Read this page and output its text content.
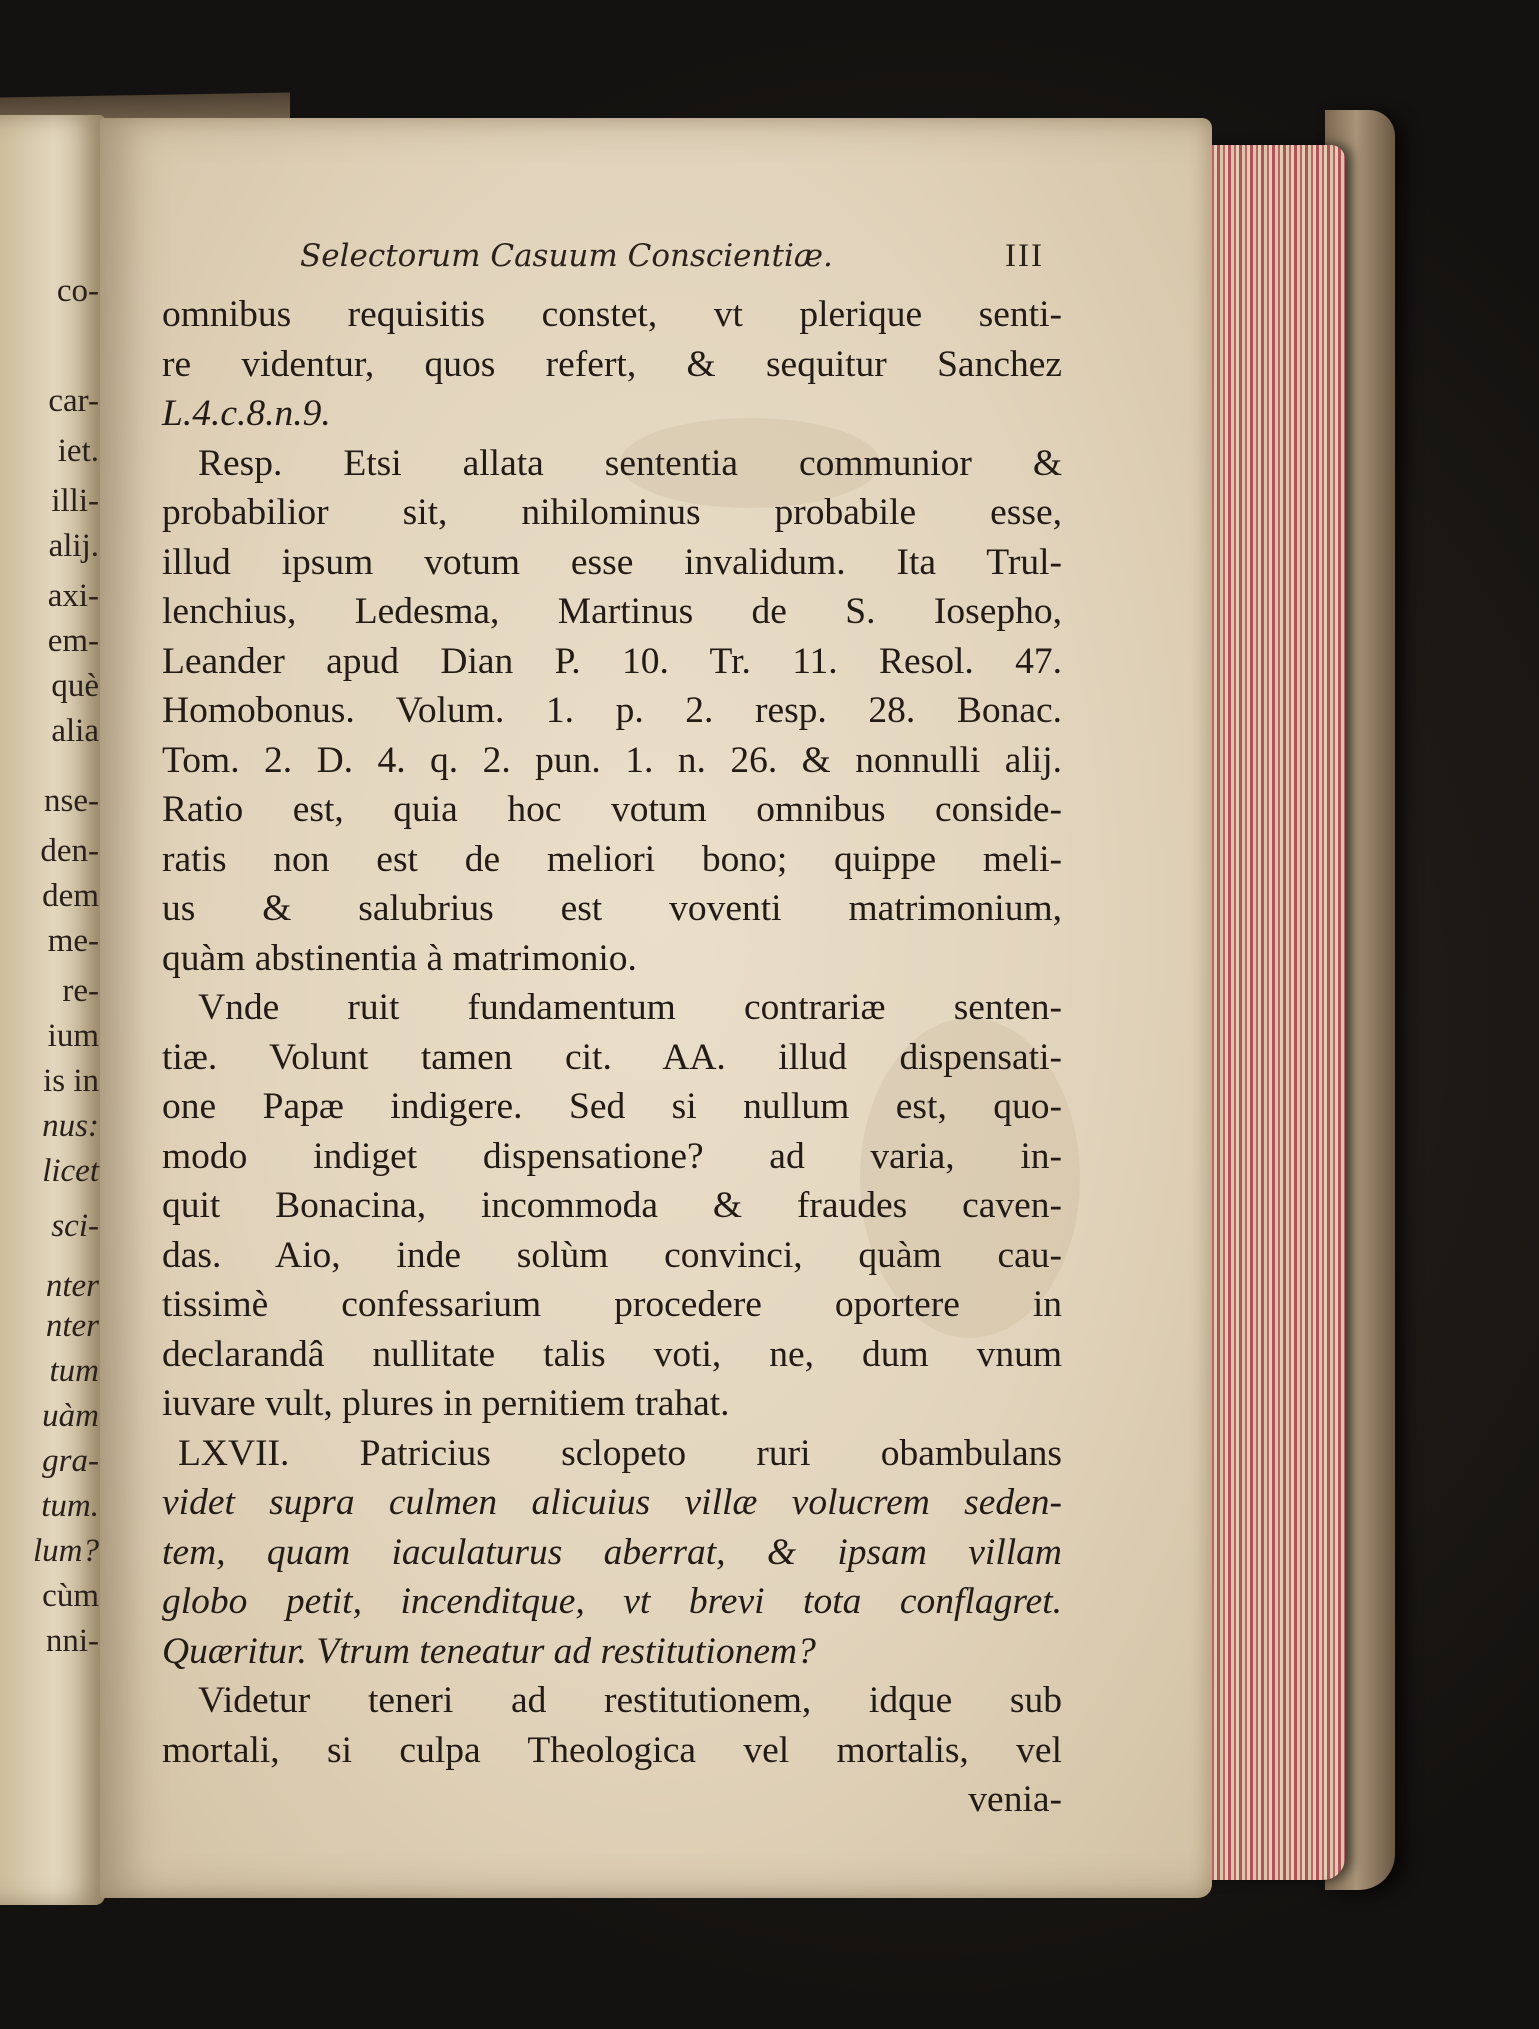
co-
car-
iet.
illi-
alij.
axi-
em-
què
alia
nse-
den-
dem
me-
re-
ium
is in
nus:
licet
sci-
nter
nter
tum
uàm
gra-
tum.
lum?
cùm
nni-
Selectorum Casuum Conscientiæ.	III
omnibus requisitis constet, vt plerique senti-
re videntur, quos refert, & sequitur Sanchez
L.4.c.8.n.9.
Resp. Etsi allata sententia communior &
probabilior sit, nihilominus probabile esse,
illud ipsum votum esse invalidum. Ita Trul-
lenchius, Ledesma, Martinus de S. Iosepho,
Leander apud Dian P. 10. Tr. 11. Resol. 47.
Homobonus. Volum. 1. p. 2. resp. 28. Bonac.
Tom. 2. D. 4. q. 2. pun. 1. n. 26. & nonnulli alij.
Ratio est, quia hoc votum omnibus conside-
ratis non est de meliori bono; quippe meli-
us & salubrius est voventi matrimonium,
quàm abstinentia à matrimonio.
Vnde ruit fundamentum contrariæ senten-
tiæ. Volunt tamen cit. AA. illud dispensati-
one Papæ indigere. Sed si nullum est, quo-
modo indiget dispensatione? ad varia, in-
quit Bonacina, incommoda & fraudes caven-
das. Aio, inde solùm convinci, quàm cau-
tissimè confessarium procedere oportere in
declarandâ nullitate talis voti, ne, dum vnum
iuvare vult, plures in pernitiem trahat.
LXVII. Patricius sclopeto ruri obambulans
videt supra culmen alicuius villæ volucrem seden-
tem, quam iaculaturus aberrat, & ipsam villam
globo petit, incenditque, vt brevi tota conflagret.
Quæritur. Vtrum teneatur ad restitutionem?
Videtur teneri ad restitutionem, idque sub
mortali, si culpa Theologica vel mortalis, vel
venia-
